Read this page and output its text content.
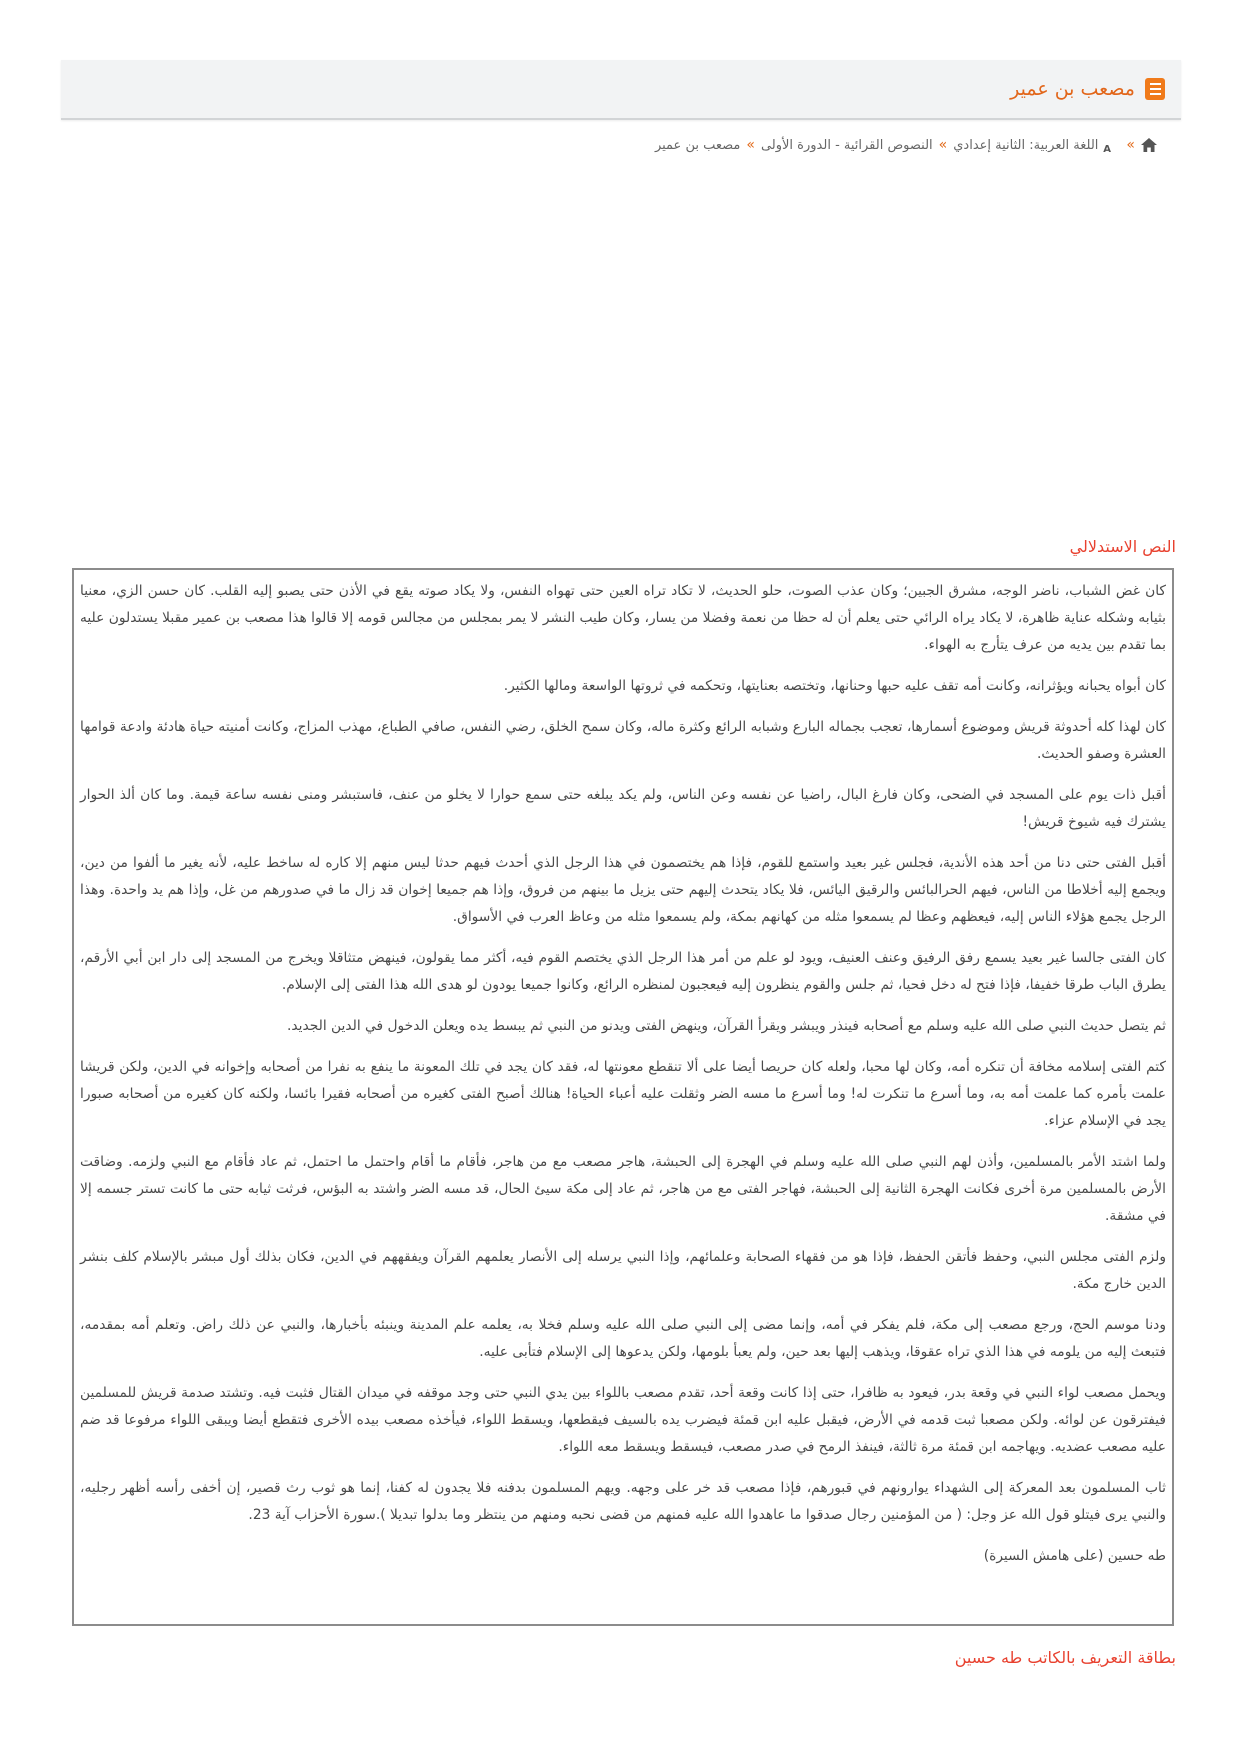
مصعب بن عمير
»
A
اللغة العربية: الثانية إعدادي
»
النصوص القرائية - الدورة الأولى
»
مصعب بن عمير
النص الاستدلالي

كان غض الشباب، ناضر الوجه، مشرق الجبين؛ وكان عذب الصوت، حلو الحديث، لا تكاد تراه العين حتى تهواه النفس، ولا يكاد صوته يقع في الأذن حتى يصبو إليه القلب. كان حسن الزي، معنيا بثيابه وشكله عناية ظاهرة، لا يكاد يراه الرائي حتى يعلم أن له حظا من نعمة وفضلا من يسار، وكان طيب النشر لا يمر بمجلس من مجالس قومه إلا قالوا هذا مصعب بن عمير مقبلا يستدلون عليه بما تقدم بين يديه من عرف يتأرج به الهواء.

كان أبواه يحبانه ويؤثرانه، وكانت أمه تقف عليه حبها وحنانها، وتختصه بعنايتها، وتحكمه في ثروتها الواسعة ومالها الكثير.

كان لهذا كله أحدوثة قريش وموضوع أسمارها، تعجب بجماله البارع وشبابه الرائع وكثرة ماله، وكان سمح الخلق، رضي النفس، صافي الطباع، مهذب المزاج، وكانت أمنيته حياة هادئة وادعة قوامها العشرة وصفو الحديث.

أقبل ذات يوم على المسجد في الضحى، وكان فارغ البال، راضيا عن نفسه وعن الناس، ولم يكد يبلغه حتى سمع حوارا لا يخلو من عنف، فاستبشر ومنى نفسه ساعة قيمة. وما كان ألذ الحوار يشترك فيه شيوخ قريش!

أقبل الفتى حتى دنا من أحد هذه الأندية، فجلس غير بعيد واستمع للقوم، فإذا هم يختصمون في هذا الرجل الذي أحدث فيهم حدثا ليس منهم إلا كاره له ساخط عليه، لأنه يغير ما ألفوا من دين، ويجمع إليه أخلاطا من الناس، فيهم الحرالبائس والرقيق اليائس، فلا يكاد يتحدث إليهم حتى يزيل ما بينهم من فروق، وإذا هم جميعا إخوان قد زال ما في صدورهم من غل، وإذا هم يد واحدة. وهذا الرجل يجمع هؤلاء الناس إليه، فيعظهم وعظا لم يسمعوا مثله من كهانهم بمكة، ولم يسمعوا مثله من وعاظ العرب في الأسواق.

كان الفتى جالسا غير بعيد يسمع رفق الرفيق وعنف العنيف، ويود لو علم من أمر هذا الرجل الذي يختصم القوم فيه، أكثر مما يقولون، فينهض متثاقلا ويخرج من المسجد إلى دار ابن أبي الأرقم، يطرق الباب طرقا خفيفا، فإذا فتح له دخل فحيا، ثم جلس والقوم ينظرون إليه فيعجبون لمنظره الرائع، وكانوا جميعا يودون لو هدى الله هذا الفتى إلى الإسلام.

ثم يتصل حديث النبي صلى الله عليه وسلم مع أصحابه فينذر ويبشر ويقرأ القرآن، وينهض الفتى ويدنو من النبي ثم يبسط يده ويعلن الدخول في الدين الجديد.

كتم الفتى إسلامه مخافة أن تنكره أمه، وكان لها محبا، ولعله كان حريصا أيضا على ألا تنقطع معونتها له، فقد كان يجد في تلك المعونة ما ينفع به نفرا من أصحابه وإخوانه في الدين، ولكن قريشا علمت بأمره كما علمت أمه به، وما أسرع ما تنكرت له! وما أسرع ما مسه الضر وثقلت عليه أعباء الحياة! هنالك أصبح الفتى كغيره من أصحابه فقيرا بائسا، ولكنه كان كغيره من أصحابه صبورا يجد في الإسلام عزاء.

ولما اشتد الأمر بالمسلمين، وأذن لهم النبي صلى الله عليه وسلم في الهجرة إلى الحبشة، هاجر مصعب مع من هاجر، فأقام ما أقام واحتمل ما احتمل، ثم عاد فأقام مع النبي ولزمه. وضاقت الأرض بالمسلمين مرة أخرى فكانت الهجرة الثانية إلى الحبشة، فهاجر الفتى مع من هاجر، ثم عاد إلى مكة سيئ الحال، قد مسه الضر واشتد به البؤس، فرثت ثيابه حتى ما كانت تستر جسمه إلا في مشقة.

ولزم الفتى مجلس النبي، وحفظ فأتقن الحفظ، فإذا هو من فقهاء الصحابة وعلمائهم، وإذا النبي يرسله إلى الأنصار يعلمهم القرآن ويفقههم في الدين، فكان بذلك أول مبشر بالإسلام كلف بنشر الدين خارج مكة.

ودنا موسم الحج، ورجع مصعب إلى مكة، فلم يفكر في أمه، وإنما مضى إلى النبي صلى الله عليه وسلم فخلا به، يعلمه علم المدينة وينبئه بأخبارها، والنبي عن ذلك راض. وتعلم أمه بمقدمه، فتبعث إليه من يلومه في هذا الذي تراه عقوقا، ويذهب إليها بعد حين، ولم يعبأ بلومها، ولكن يدعوها إلى الإسلام فتأبى عليه.

ويحمل مصعب لواء النبي في وقعة بدر، فيعود به ظافرا، حتى إذا كانت وقعة أحد، تقدم مصعب باللواء بين يدي النبي حتى وجد موقفه في ميدان القتال فثبت فيه. وتشتد صدمة قريش للمسلمين فيفترقون عن لوائه. ولكن مصعبا ثبت قدمه في الأرض، فيقبل عليه ابن قمئة فيضرب يده بالسيف فيقطعها، ويسقط اللواء، فيأخذه مصعب بيده الأخرى فتقطع أيضا ويبقى اللواء مرفوعا قد ضم عليه مصعب عضديه. ويهاجمه ابن قمئة مرة ثالثة، فينفذ الرمح في صدر مصعب، فيسقط ويسقط معه اللواء.

ثاب المسلمون بعد المعركة إلى الشهداء يوارونهم في قبورهم، فإذا مصعب قد خر على وجهه. ويهم المسلمون بدفنه فلا يجدون له كفنا، إنما هو ثوب رث قصير، إن أخفى رأسه أظهر رجليه، والنبي يرى فيتلو قول الله عز وجل: ( من المؤمنين رجال صدقوا ما عاهدوا الله عليه فمنهم من قضى نحبه ومنهم من ينتظر وما بدلوا تبديلا ).سورة الأحزاب آية 23.

طه حسين (على هامش السيرة)

بطاقة التعريف بالكاتب طه حسين
